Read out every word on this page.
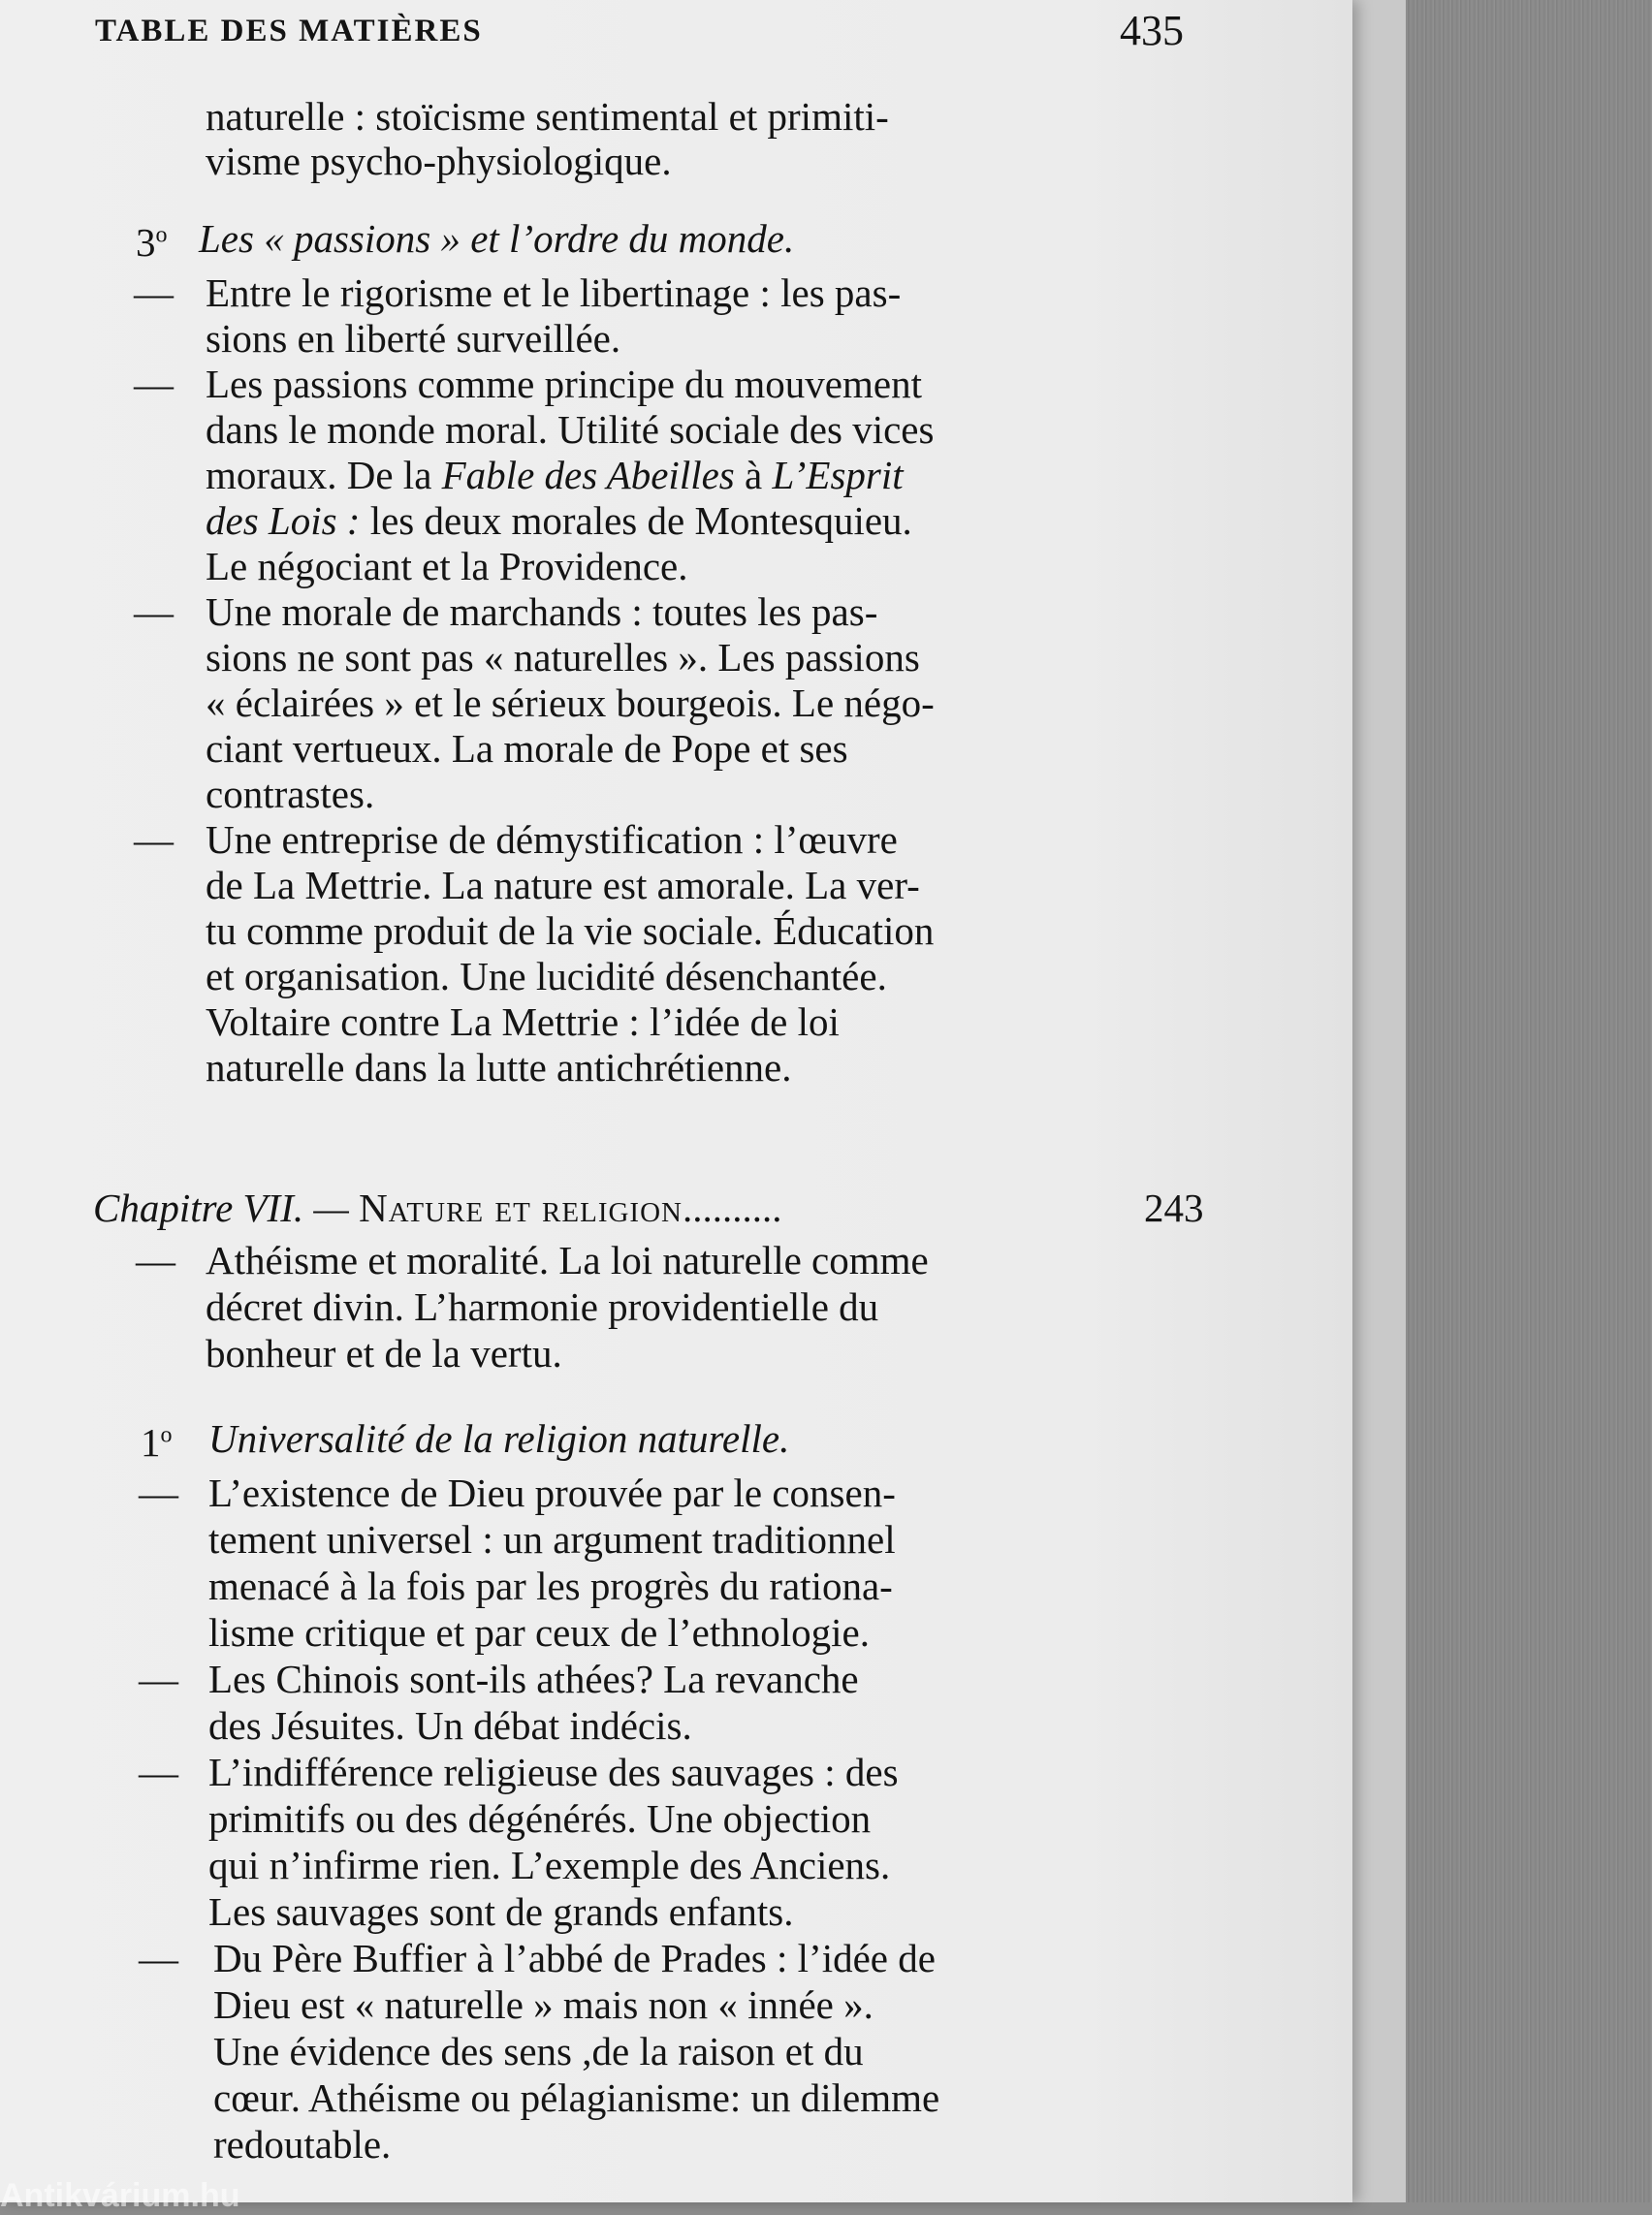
TABLE DES MATIÈRES	435
naturelle : stoïcisme sentimental et primiti-
visme psycho-physiologique.
3$^o$ Les « passions » et l’ordre du monde.
— Entre le rigorisme et le libertinage : les pas-
sions en liberté surveillée.
— Les passions comme principe du mouvement
dans le monde moral. Utilité sociale des vices
moraux. De la Fable des Abeilles à L’Esprit
des Lois : les deux morales de Montesquieu.
Le négociant et la Providence.
— Une morale de marchands : toutes les pas-
sions ne sont pas « naturelles ». Les passions
« éclairées » et le sérieux bourgeois. Le négo-
ciant vertueux. La morale de Pope et ses
contrastes.
— Une entreprise de démystification : l’œuvre
de La Mettrie. La nature est amorale. La ver-
tu comme produit de la vie sociale. Éducation
et organisation. Une lucidité désenchantée.
Voltaire contre La Mettrie : l’idée de loi
naturelle dans la lutte antichrétienne.
Chapitre VII. — Nature et religion..........	243
— Athéisme et moralité. La loi naturelle comme
décret divin. L’harmonie providentielle du
bonheur et de la vertu.
1$^o$ Universalité de la religion naturelle.
— L’existence de Dieu prouvée par le consen-
tement universel : un argument traditionnel
menacé à la fois par les progrès du rationa-
lisme critique et par ceux de l’ethnologie.
— Les Chinois sont-ils athées? La revanche
des Jésuites. Un débat indécis.
— L’indifférence religieuse des sauvages : des
primitifs ou des dégénérés. Une objection
qui n’infirme rien. L’exemple des Anciens.
Les sauvages sont de grands enfants.
— Du Père Buffier à l’abbé de Prades : l’idée de
Dieu est « naturelle » mais non « innée ».
Une évidence des sens ,de la raison et du
cœur. Athéisme ou pélagianisme: un dilemme
redoutable.
Antikvárium.hu
